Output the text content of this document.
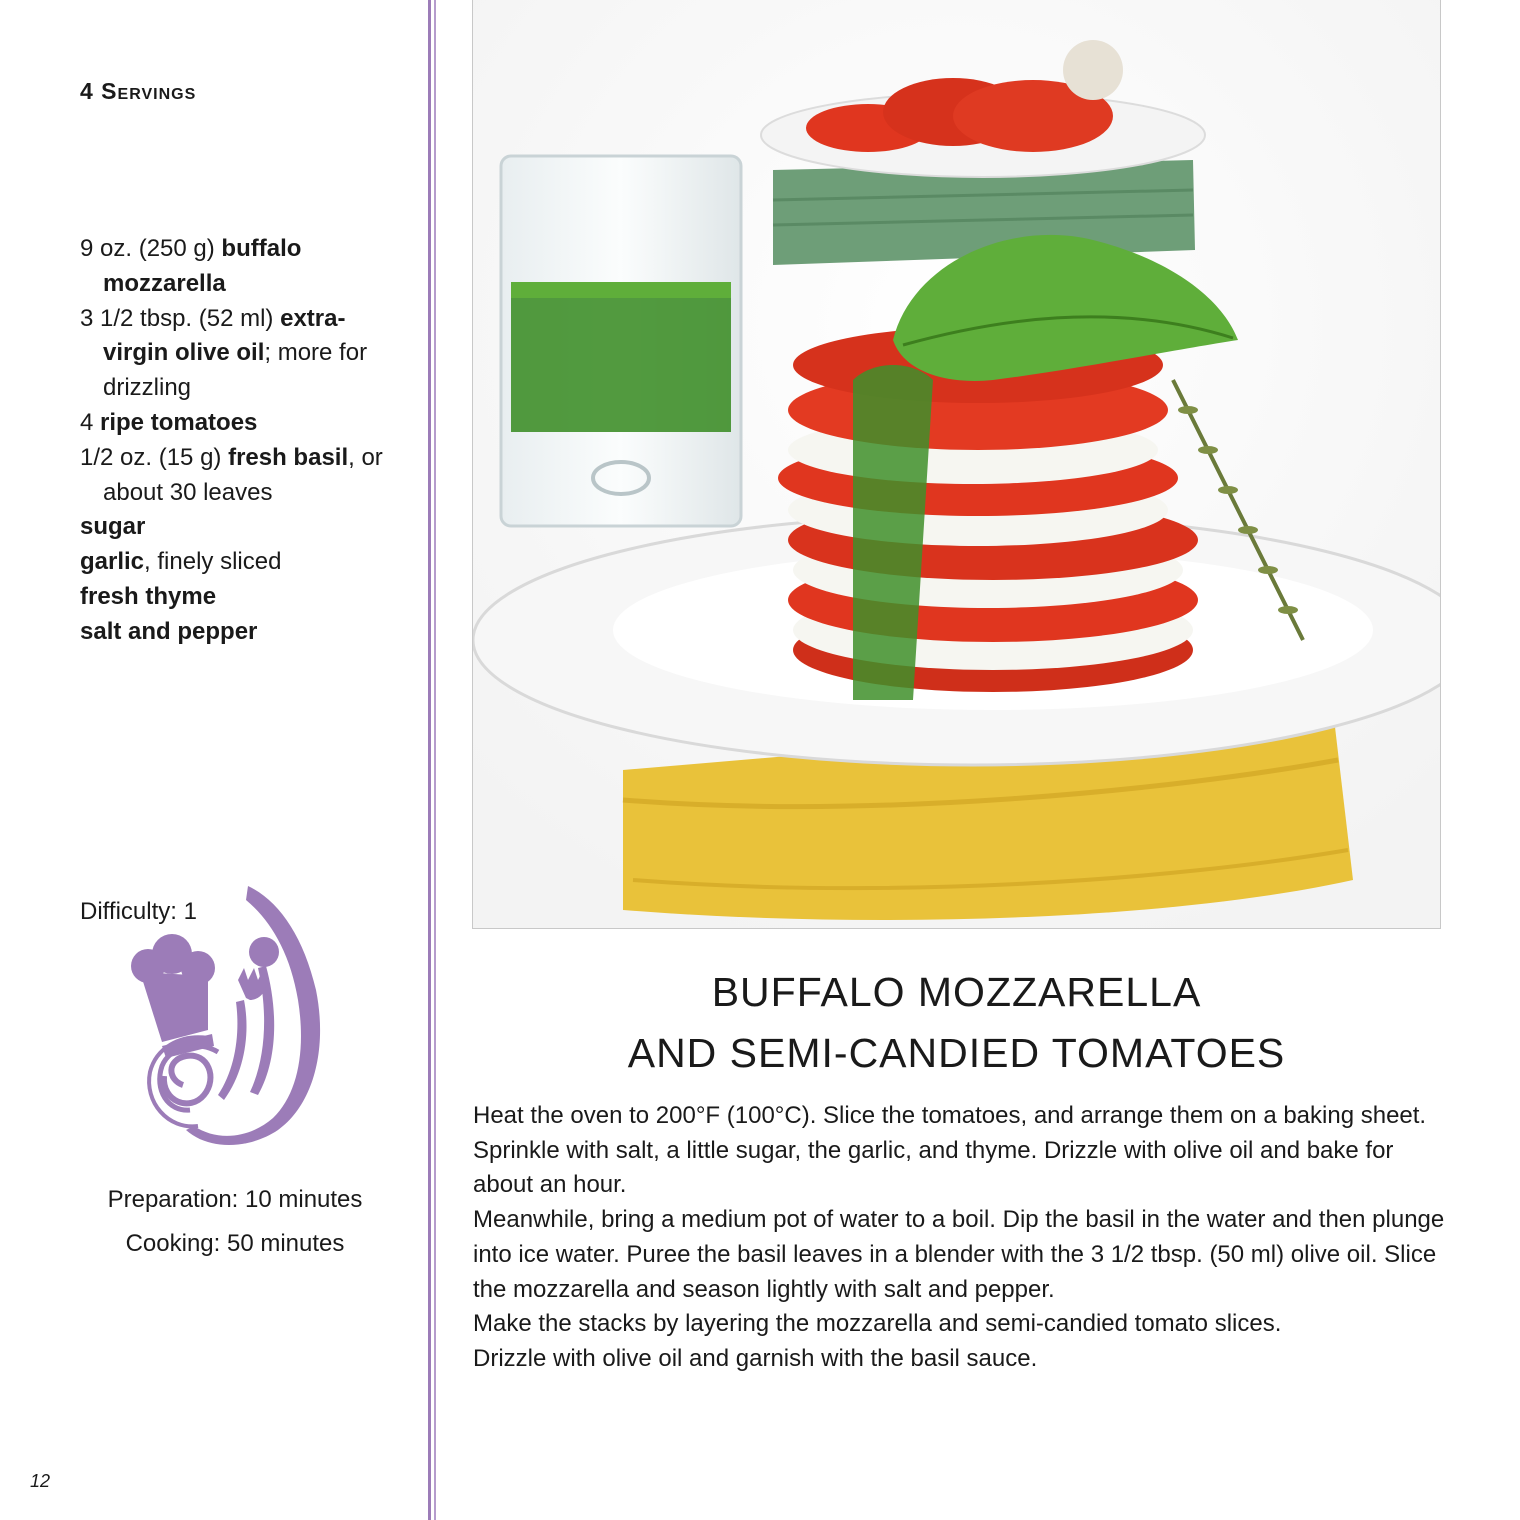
4 Servings
9 oz. (250 g) buffalo mozzarella
3 1/2 tbsp. (52 ml) extra-virgin olive oil; more for drizzling
4 ripe tomatoes
1/2 oz. (15 g) fresh basil, or about 30 leaves
sugar
garlic, finely sliced
fresh thyme
salt and pepper
Difficulty: 1
Preparation: 10 minutes
Cooking: 50 minutes
12
BUFFALO MOZZARELLA
AND SEMI-CANDIED TOMATOES

Heat the oven to 200°F (100°C). Slice the tomatoes, and arrange them on a baking sheet. Sprinkle with salt, a little sugar, the garlic, and thyme. Drizzle with olive oil and bake for about an hour.

Meanwhile, bring a medium pot of water to a boil. Dip the basil in the water and then plunge into ice water. Puree the basil leaves in a blender with the 3 1/2 tbsp. (50 ml) olive oil. Slice the mozzarella and season lightly with salt and pepper.

Make the stacks by layering the mozzarella and semi-candied tomato slices.

Drizzle with olive oil and garnish with the basil sauce.
